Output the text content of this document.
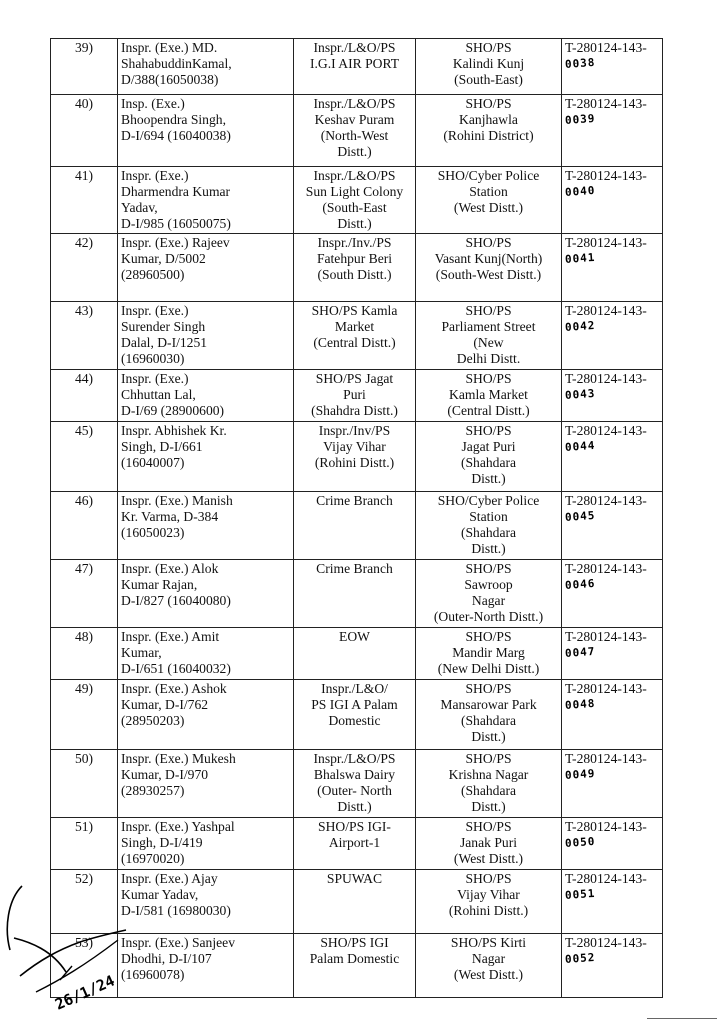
39)	Inspr. (Exe.) MD.
ShahabuddinKamal,
D/388(16050038)	Inspr./L&O/PS
I.G.I AIR PORT	SHO/PS
Kalindi Kunj
(South-East)	T-280124-143-
0038

40)	Insp. (Exe.)
Bhoopendra Singh,
D-I/694 (16040038)	Inspr./L&O/PS
Keshav Puram
(North-West
Distt.)	SHO/PS
Kanjhawla
(Rohini District)	T-280124-143-
0039

41)	Inspr. (Exe.)
Dharmendra Kumar
Yadav,
D-I/985 (16050075)	Inspr./L&O/PS
Sun Light Colony
(South-East
Distt.)	SHO/Cyber Police
Station
(West Distt.)	T-280124-143-
0040

42)	Inspr. (Exe.) Rajeev
Kumar, D/5002
(28960500)	Inspr./Inv./PS
Fatehpur Beri
(South Distt.)	SHO/PS
Vasant Kunj(North)
(South-West Distt.)	T-280124-143-
0041

43)	Inspr. (Exe.)
Surender Singh
Dalal, D-I/1251
(16960030)	SHO/PS Kamla
Market
(Central Distt.)	SHO/PS
Parliament Street
(New
Delhi Distt.	T-280124-143-
0042

44)	Inspr. (Exe.)
Chhuttan Lal,
D-I/69 (28900600)	SHO/PS Jagat
Puri
(Shahdra Distt.)	SHO/PS
Kamla Market
(Central Distt.)	T-280124-143-
0043

45)	Inspr. Abhishek Kr.
Singh, D-I/661
(16040007)	Inspr./Inv/PS
Vijay Vihar
(Rohini Distt.)	SHO/PS
Jagat Puri
(Shahdara
Distt.)	T-280124-143-
0044

46)	Inspr. (Exe.) Manish
Kr. Varma, D-384
(16050023)	Crime Branch	SHO/Cyber Police
Station
(Shahdara
Distt.)	T-280124-143-
0045

47)	Inspr. (Exe.) Alok
Kumar Rajan,
D-I/827 (16040080)	Crime Branch	SHO/PS
Sawroop
Nagar
(Outer-North Distt.)	T-280124-143-
0046

48)	Inspr. (Exe.) Amit
Kumar,
D-I/651 (16040032)	EOW	SHO/PS
Mandir Marg
(New Delhi Distt.)	T-280124-143-
0047

49)	Inspr. (Exe.) Ashok
Kumar, D-I/762
(28950203)	Inspr./L&O/
PS IGI A Palam
Domestic	SHO/PS
Mansarowar Park
(Shahdara
Distt.)	T-280124-143-
0048

50)	Inspr. (Exe.) Mukesh
Kumar, D-I/970
(28930257)	Inspr./L&O/PS
Bhalswa Dairy
(Outer- North
Distt.)	SHO/PS
Krishna Nagar
(Shahdara
Distt.)	T-280124-143-
0049

51)	Inspr. (Exe.) Yashpal
Singh, D-I/419
(16970020)	SHO/PS IGI-
Airport-1	SHO/PS
Janak Puri
(West Distt.)	T-280124-143-
0050

52)	Inspr. (Exe.) Ajay
Kumar Yadav,
D-I/581 (16980030)	SPUWAC	SHO/PS
Vijay Vihar
(Rohini Distt.)	T-280124-143-
0051

53)	Inspr. (Exe.) Sanjeev
Dhodhi, D-I/107
(16960078)	SHO/PS IGI
Palam Domestic	SHO/PS Kirti
Nagar
(West Distt.)	T-280124-143-
0052
26/1/24
